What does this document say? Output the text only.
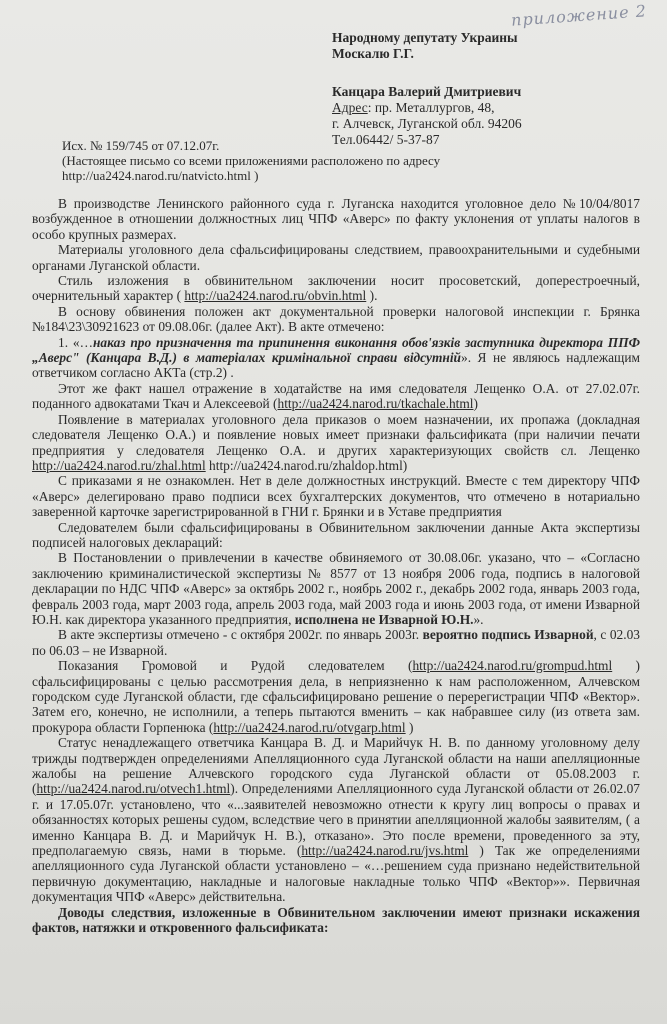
приложение 2
Народному депутату Украины
Москалю Г.Г.
Канцара Валерий Дмитриевич
Адрес: пр. Металлургов, 48,
г. Алчевск, Луганской обл. 94206
Тел.06442/ 5-37-87
Исх. № 159/745 от 07.12.07г.
(Настоящее письмо со всеми приложениями расположено по адресу
http://ua2424.narod.ru/natvicto.html )

В производстве Ленинского районного суда г. Луганска находится уголовное дело №10/04/8017 возбужденное в отношении должностных лиц ЧПФ «Аверс» по факту уклонения от уплаты налогов в особо крупных размерах.

Материалы уголовного дела сфальсифицированы следствием, правоохранительными и судебными органами Луганской области.

Стиль изложения в обвинительном заключении носит просоветский, доперестроечный, очернительный характер ( http://ua2424.narod.ru/obvin.html ).

В основу обвинения положен акт документальной проверки налоговой инспекции г. Брянка №184\23\30921623 от 09.08.06г. (далее Акт). В акте отмечено:

1. «…наказ про призначення та припинення виконання обов'язків заступника директора ППФ „Аверс" (Канцара В.Д.) в матеріалах кримінальної справи відсутній». Я не являюсь надлежащим ответчиком согласно АКТа (стр.2) .

Этот же факт нашел отражение в ходатайстве на имя следователя Лещенко О.А. от 27.02.07г. поданного адвокатами Ткач и Алексеевой (http://ua2424.narod.ru/tkachale.html)

Появление в материалах уголовного дела приказов о моем назначении, их пропажа (докладная следователя Лещенко О.А.) и появление новых имеет признаки фальсификата (при наличии печати предприятия у следователя Лещенко О.А. и других характеризующих свойств сл. Лещенко http://ua2424.narod.ru/zhal.html http://ua2424.narod.ru/zhaldop.html)

С приказами я не ознакомлен. Нет в деле должностных инструкций. Вместе с тем директору ЧПФ «Аверс» делегировано право подписи всех бухгалтерских документов, что отмечено в нотариально заверенной карточке зарегистрированной в ГНИ г. Брянки и в Уставе предприятия

Следователем были сфальсифицированы в Обвинительном заключении данные Акта экспертизы подписей налоговых деклараций:

В Постановлении о привлечении в качестве обвиняемого от 30.08.06г. указано, что – «Согласно заключению криминалистической экспертизы № 8577 от 13 ноября 2006 года, подпись в налоговой декларации по НДС ЧПФ «Аверс» за октябрь 2002 г., ноябрь 2002 г., декабрь 2002 года, январь 2003 года, февраль 2003 года, март 2003 года, апрель 2003 года, май 2003 года и июнь 2003 года, от имени Изварной Ю.Н. как директора указанного предприятия, исполнена не Изварной Ю.Н.».

В акте экспертизы отмечено - с октября 2002г. по январь 2003г. вероятно подпись Изварной, с 02.03 по 06.03 – не Изварной.

Показания Громовой и Рудой следователем (http://ua2424.narod.ru/grompud.html ) сфальсифицированы с целью рассмотрения дела, в неприязненно к нам расположенном, Алчевском городском суде Луганской области, где сфальсифицировано решение о перерегистрации ЧПФ «Вектор». Затем его, конечно, не исполнили, а теперь пытаются вменить – как набравшее силу (из ответа зам. прокурора области Горпенюка (http://ua2424.narod.ru/otvgarp.html )

Статус ненадлежащего ответчика Канцара В. Д. и Марийчук Н. В. по данному уголовному делу трижды подтвержден определениями Апелляционного суда Луганской области на наши апелляционные жалобы на решение Алчевского городского суда Луганской области от 05.08.2003 г. (http://ua2424.narod.ru/otvech1.html). Определениями Апелляционного суда Луганской области от 26.02.07 г. и 17.05.07г. установлено, что «...заявителей невозможно отнести к кругу лиц вопросы о правах и обязанностях которых решены судом, вследствие чего в принятии апелляционной жалобы заявителям, ( а именно Канцара В. Д. и Марийчук Н. В.), отказано». Это после времени, проведенного за эту, предполагаемую связь, нами в тюрьме. (http://ua2424.narod.ru/jvs.html ) Так же определениями апелляционного суда Луганской области установлено – «…решением суда признано недействительной первичную документацию, накладные и налоговые накладные только ЧПФ «Вектор»». Первичная документация ЧПФ «Аверс» действительна.

Доводы следствия, изложенные в Обвинительном заключении имеют признаки искажения фактов, натяжки и откровенного фальсификата:
